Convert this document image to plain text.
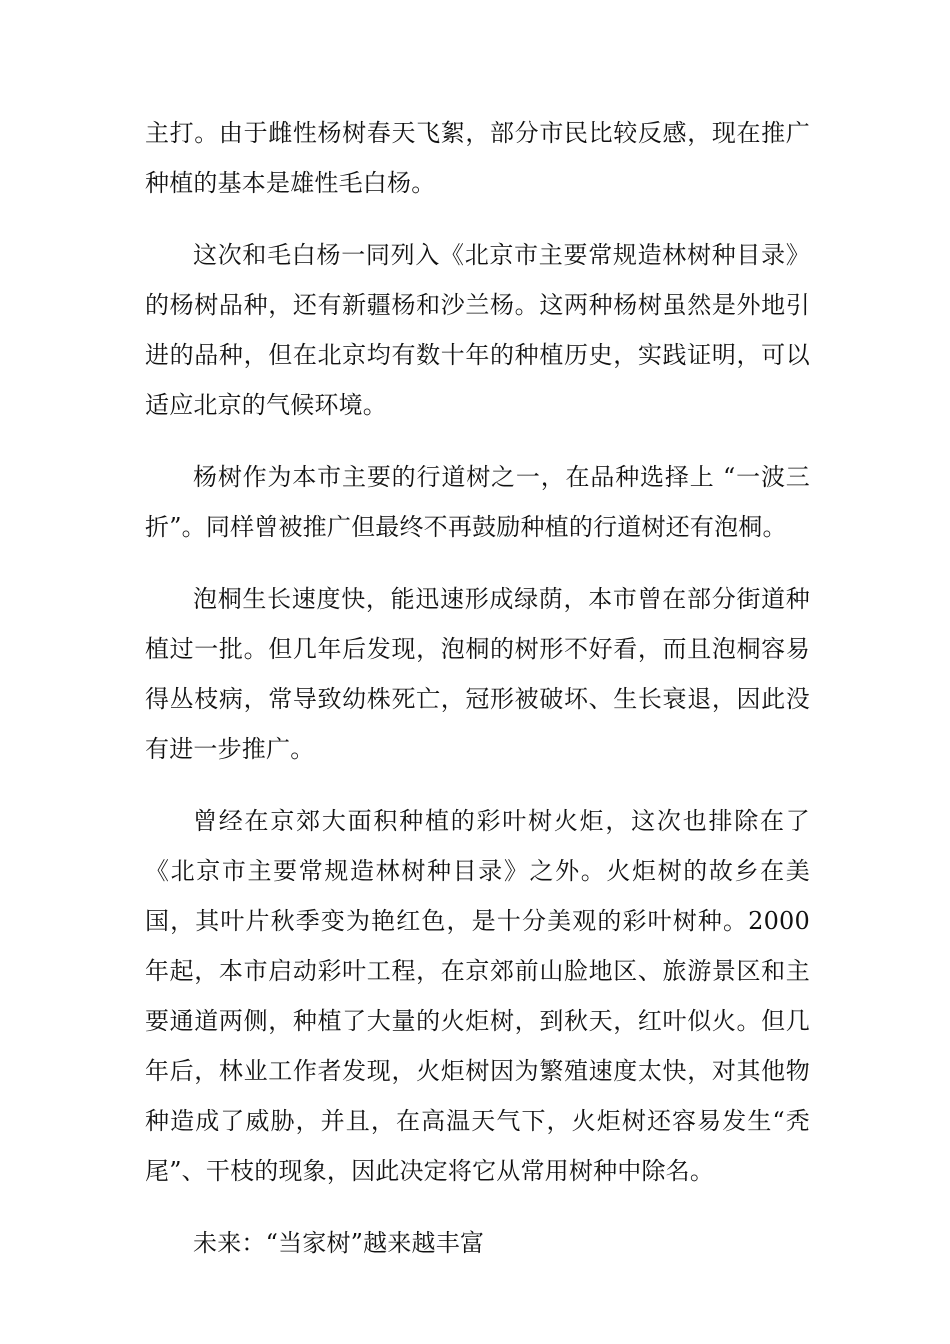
主打。由于雌性杨树春天飞絮，部分市民比较反感，现在推广种植的基本是雄性毛白杨。

这次和毛白杨一同列入《北京市主要常规造林树种目录》的杨树品种，还有新疆杨和沙兰杨。这两种杨树虽然是外地引进的品种，但在北京均有数十年的种植历史，实践证明，可以适应北京的气候环境。

杨树作为本市主要的行道树之一，在品种选择上 “一波三折”。同样曾被推广但最终不再鼓励种植的行道树还有泡桐。

泡桐生长速度快，能迅速形成绿荫，本市曾在部分街道种植过一批。但几年后发现，泡桐的树形不好看，而且泡桐容易得丛枝病，常导致幼株死亡，冠形被破坏、生长衰退，因此没有进一步推广。

曾经在京郊大面积种植的彩叶树火炬，这次也排除在了《北京市主要常规造林树种目录》之外。火炬树的故乡在美国，其叶片秋季变为艳红色，是十分美观的彩叶树种。2000 年起，本市启动彩叶工程，在京郊前山脸地区、旅游景区和主要通道两侧，种植了大量的火炬树，到秋天，红叶似火。但几年后，林业工作者发现，火炬树因为繁殖速度太快，对其他物种造成了威胁，并且，在高温天气下，火炬树还容易发生“秃尾”、干枝的现象，因此决定将它从常用树种中除名。

未来：“当家树”越来越丰富
